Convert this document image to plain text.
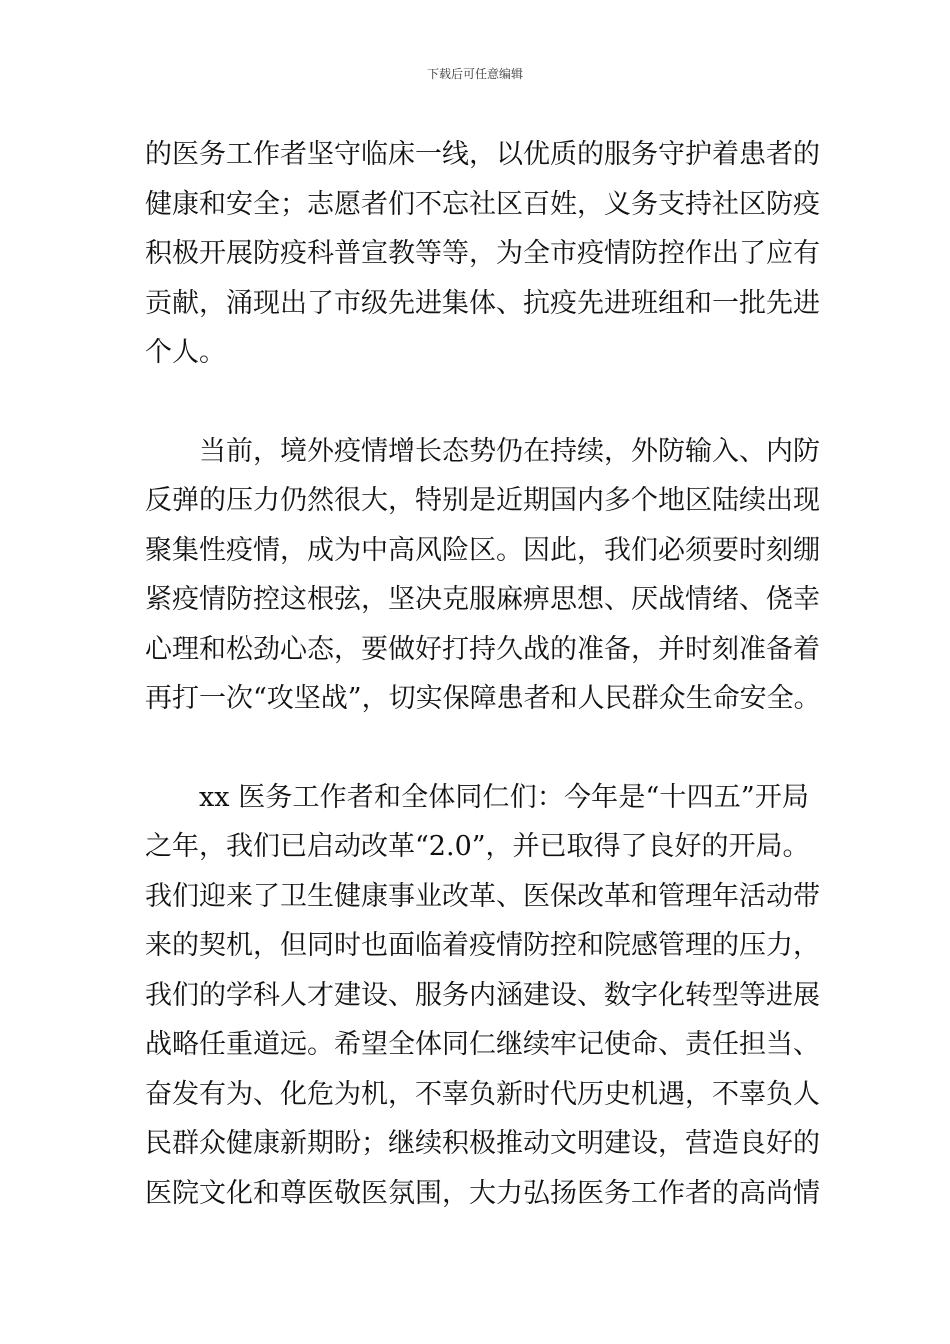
下载后可任意编辑
的医务工作者坚守临床一线，以优质的服务守护着患者的
健康和安全；志愿者们不忘社区百姓，义务支持社区防疫
积极开展防疫科普宣教等等，为全市疫情防控作出了应有
贡献，涌现出了市级先进集体、抗疫先进班组和一批先进
个人。
当前，境外疫情增长态势仍在持续，外防输入、内防
反弹的压力仍然很大，特别是近期国内多个地区陆续出现
聚集性疫情，成为中高风险区。因此，我们必须要时刻绷
紧疫情防控这根弦，坚决克服麻痹思想、厌战情绪、侥幸
心理和松劲心态，要做好打持久战的准备，并时刻准备着
再打一次“攻坚战”，切实保障患者和人民群众生命安全。
xx 医务工作者和全体同仁们：今年是“十四五”开局
之年，我们已启动改革“2.0”，并已取得了良好的开局。
我们迎来了卫生健康事业改革、医保改革和管理年活动带
来的契机，但同时也面临着疫情防控和院感管理的压力，
我们的学科人才建设、服务内涵建设、数字化转型等进展
战略任重道远。希望全体同仁继续牢记使命、责任担当、
奋发有为、化危为机，不辜负新时代历史机遇，不辜负人
民群众健康新期盼；继续积极推动文明建设，营造良好的
医院文化和尊医敬医氛围，大力弘扬医务工作者的高尚情
